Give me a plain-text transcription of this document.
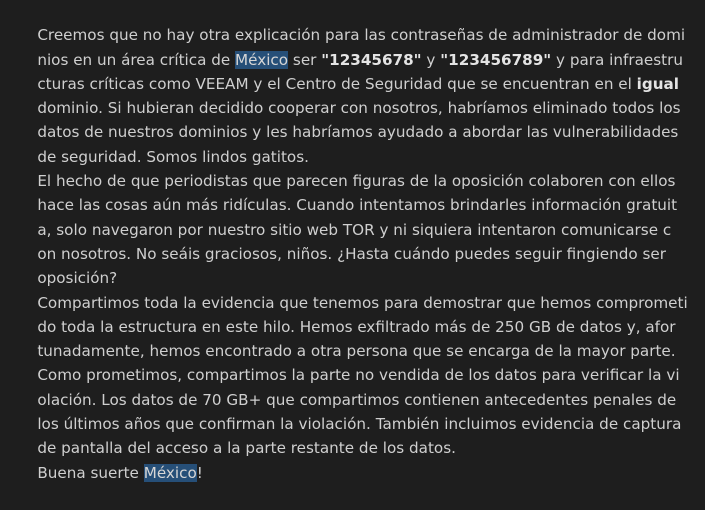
Creemos que no hay otra explicación para las contraseñas de administrador de domi

nios en un área crítica de México ser "12345678" y "123456789" y para infraestru

cturas críticas como VEEAM y el Centro de Seguridad que se encuentran en el igual

dominio. Si hubieran decidido cooperar con nosotros, habríamos eliminado todos los

datos de nuestros dominios y les habríamos ayudado a abordar las vulnerabilidades

de seguridad. Somos lindos gatitos.

El hecho de que periodistas que parecen figuras de la oposición colaboren con ellos

hace las cosas aún más ridículas. Cuando intentamos brindarles información gratuit

a, solo navegaron por nuestro sitio web TOR y ni siquiera intentaron comunicarse c

on nosotros. No seáis graciosos, niños. ¿Hasta cuándo puedes seguir fingiendo ser

oposición?

Compartimos toda la evidencia que tenemos para demostrar que hemos comprometi

do toda la estructura en este hilo. Hemos exfiltrado más de 250 GB de datos y, afor

tunadamente, hemos encontrado a otra persona que se encarga de la mayor parte.

Como prometimos, compartimos la parte no vendida de los datos para verificar la vi

olación. Los datos de 70 GB+ que compartimos contienen antecedentes penales de

los últimos años que confirman la violación. También incluimos evidencia de captura

de pantalla del acceso a la parte restante de los datos.

Buena suerte México!
